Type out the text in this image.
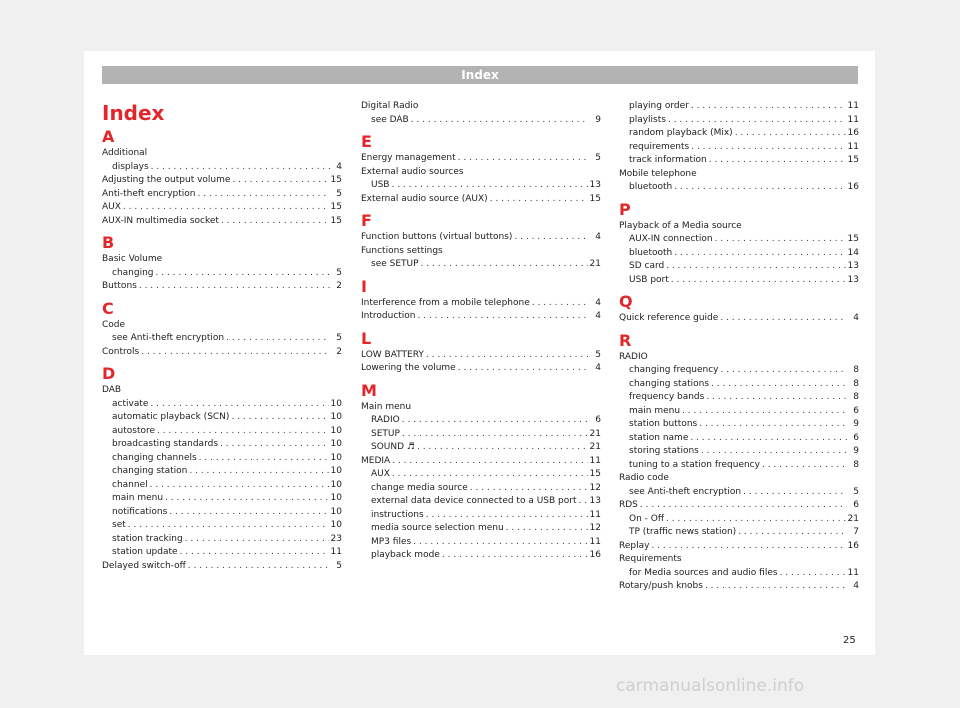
Index
Index
A
Additional
displays . . .	4
Adjusting the output volume . . .	15
Anti-theft encryption . . .	5
AUX . . .	15
AUX-IN multimedia socket . . .	15
B
Basic Volume
changing . . .	5
Buttons . . .	2
C
Code
see Anti-theft encryption . . .	5
Controls . . .	2
D
DAB
activate . . .	10
automatic playback (SCN) . . .	10
autostore . . .	10
broadcasting standards . . .	10
changing channels . . .	10
changing station . . .	10
channel . . .	10
main menu . . .	10
notifications . . .	10
set . . .	10
station tracking . . .	23
station update . . .	11
Delayed switch-off . . .	5
Digital Radio
see DAB . . .	9
E
Energy management . . .	5
External audio sources
USB . . .	13
External audio source (AUX) . . .	15
F
Function buttons (virtual buttons) . . .	4
Functions settings
see SETUP . . .	21
I
Interference from a mobile telephone . . .	4
Introduction . . .	4
L
LOW BATTERY . . .	5
Lowering the volume . . .	4
M
Main menu
RADIO . . .	6
SETUP . . .	21
SOUND ♬ . . .	21
MEDIA . . .	11
AUX . . .	15
change media source . . .	12
external data device connected to a USB port . . . 13
instructions . . .	11
media source selection menu . . .	12
MP3 files . . .	11
playback mode . . .	16
playing order . . .	11
playlists . . .	11
random playback (Mix) . . .	16
requirements . . .	11
track information . . .	15
Mobile telephone
bluetooth . . .	16
P
Playback of a Media source
AUX-IN connection . . .	15
bluetooth . . .	14
SD card . . .	13
USB port . . .	13
Q
Quick reference guide . . .	4
R
RADIO
changing frequency . . .	8
changing stations . . .	8
frequency bands . . .	8
main menu . . .	6
station buttons . . .	9
station name . . .	6
storing stations . . .	9
tuning to a station frequency . . .	8
Radio code
see Anti-theft encryption . . .	5
RDS . . .	6
On - Off . . .	21
TP (traffic news station) . . .	7
Replay . . .	16
Requirements
for Media sources and audio files . . .	11
Rotary/push knobs . . .	4
25
carmanualsonline.info
